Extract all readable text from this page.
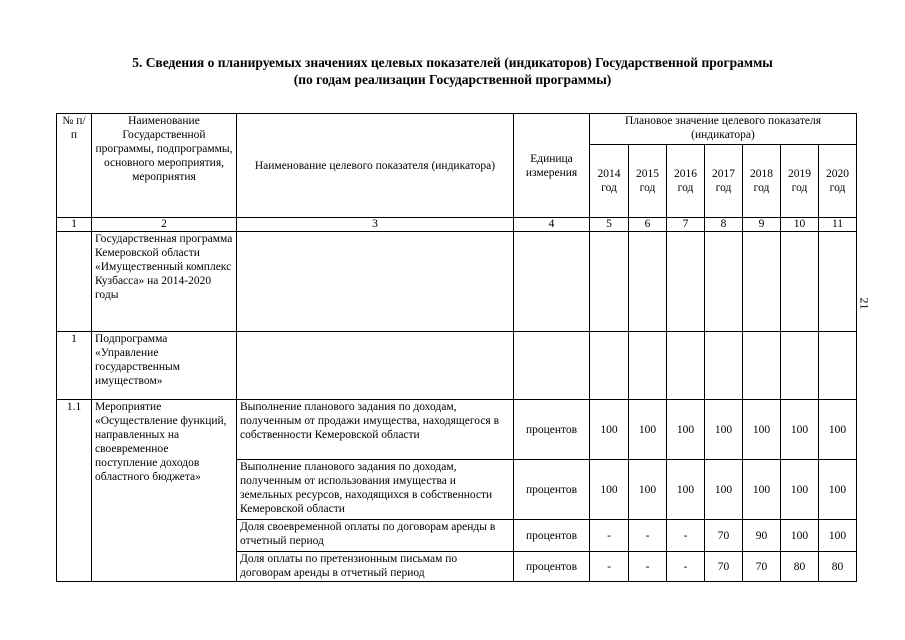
5. Сведения о планируемых значениях целевых показателей (индикаторов) Государственной программы
(по годам реализации Государственной программы)
21
№ п/п	Наименование Государственной программы, подпрограммы, основного мероприятия, мероприятия	Наименование целевого показателя (индикатора)	Единица измерения	Плановое значение целевого показателя (индикатора)						
				2014 год	2015 год	2016 год	2017 год	2018 год	2019 год	2020 год
1	2	3	4	5	6	7	8	9	10	11
	Государственная программа Кемеровской области «Имущественный комплекс Кузбасса» на 2014-2020 годы									
1	Подпрограмма «Управление государственным имуществом»									
1.1	Мероприятие «Осуществление функций, направленных на своевременное поступление доходов областного бюджета»	Выполнение планового задания по доходам, полученным от продажи имущества, находящегося в собственности Кемеровской области	процентов	100	100	100	100	100	100	100
		Выполнение планового задания по доходам, полученным от использования имущества и земельных ресурсов, находящихся в собственности Кемеровской области	процентов	100	100	100	100	100	100	100
		Доля своевременной оплаты по договорам аренды в отчетный период	процентов	-	-	-	70	90	100	100
		Доля оплаты по претензионным письмам по договорам аренды в отчетный период	процентов	-	-	-	70	70	80	80
